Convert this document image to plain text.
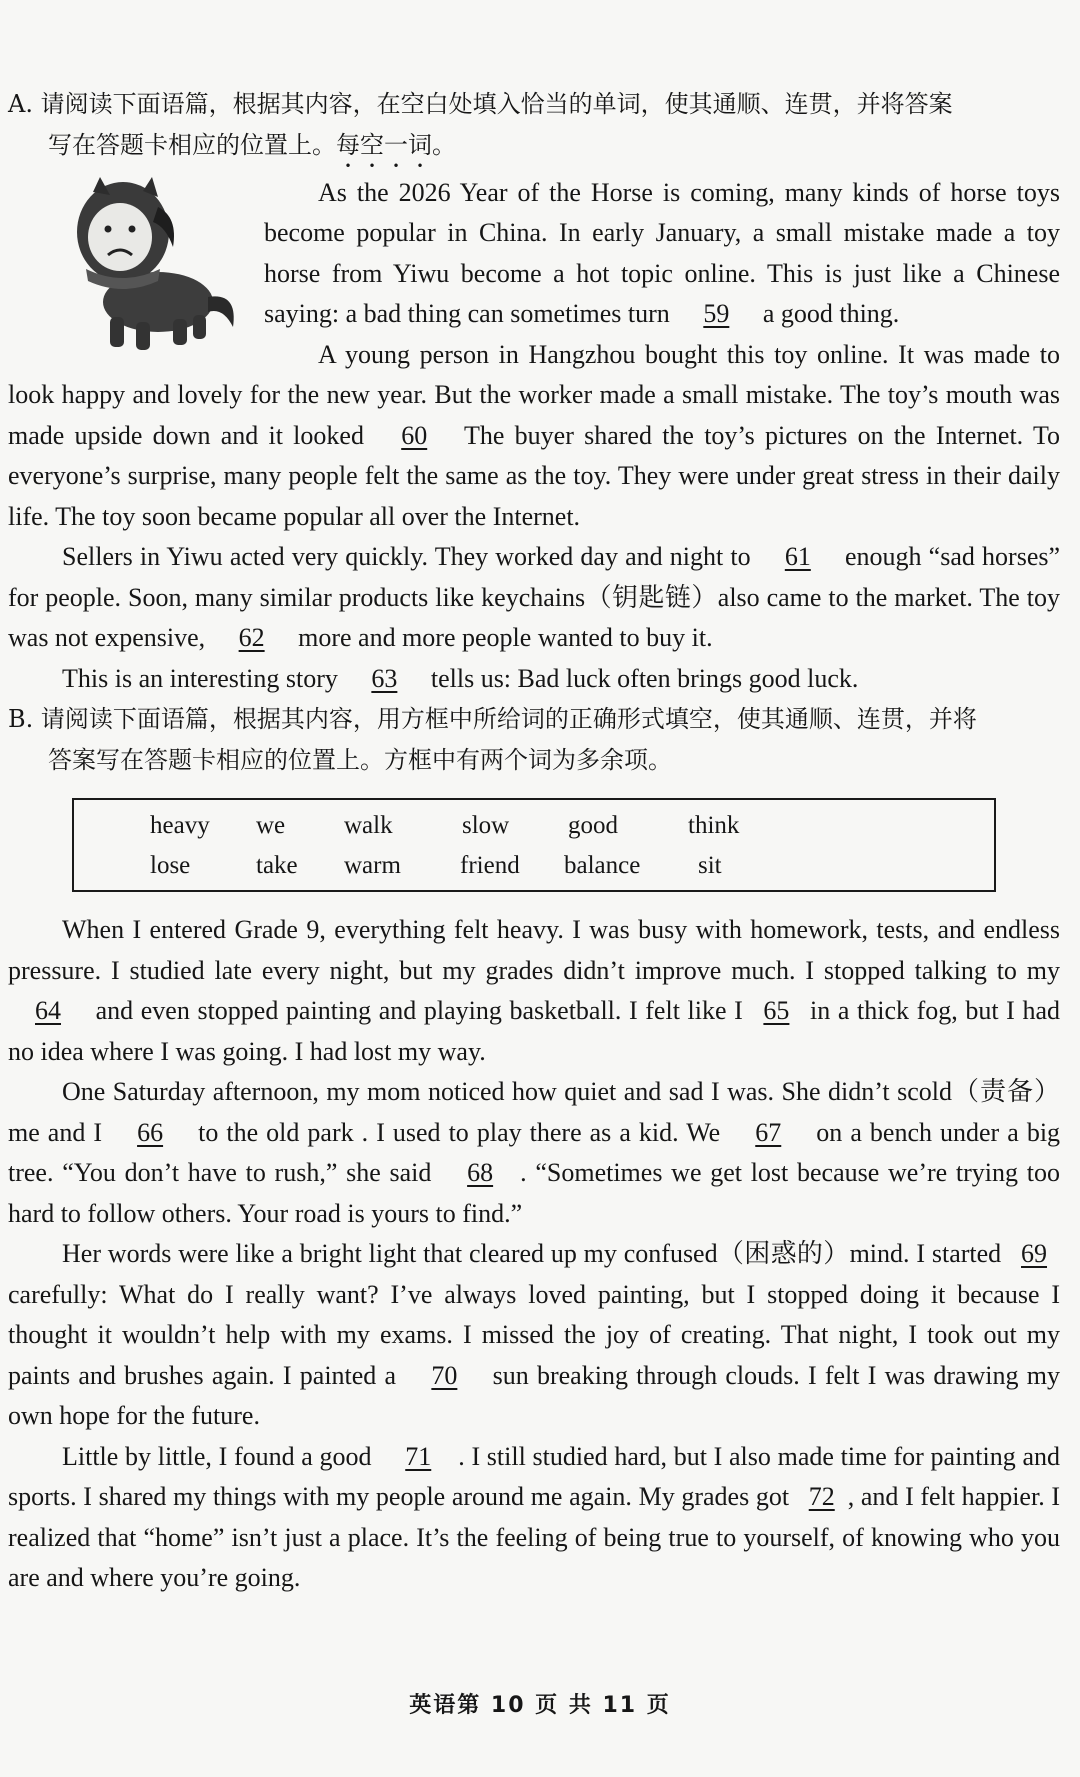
A. 请阅读下面语篇，根据其内容，在空白处填入恰当的单词，使其通顺、连贯，并将答案
写在答题卡相应的位置上。每空一词。

As the 2026 Year of the Horse is coming, many kinds of horse toys become popular in China. In early January, a small mistake made a toy horse from Yiwu become a hot topic online. This is just like a Chinese saying: a bad thing can sometimes turn 59 a good thing.

A young person in Hangzhou bought this toy online. It was made to look happy and lovely for the new year. But the worker made a small mistake. The toy’s mouth was made upside down and it looked 60 The buyer shared the toy’s pictures on the Internet. To everyone’s surprise, many people felt the same as the toy. They were under great stress in their daily life. The toy soon became popular all over the Internet.

Sellers in Yiwu acted very quickly. They worked day and night to 61 enough “sad horses” for people. Soon, many similar products like keychains（钥匙链）also came to the market. The toy was not expensive, 62 more and more people wanted to buy it.

This is an interesting story 63 tells us: Bad luck often brings good luck.

B. 请阅读下面语篇，根据其内容，用方框中所给词的正确形式填空，使其通顺、连贯，并将
答案写在答题卡相应的位置上。方框中有两个词为多余项。

heavy we walk	slow good	think
lose	take warm friend balance sit

When I entered Grade 9, everything felt heavy. I was busy with homework, tests, and endless pressure. I studied late every night, but my grades didn’t improve much. I stopped talking to my 64 and even stopped painting and playing basketball. I felt like I 65 in a thick fog, but I had no idea where I was going. I had lost my way.

One Saturday afternoon, my mom noticed how quiet and sad I was. She didn’t scold（责备）me and I 66 to the old park . I used to play there as a kid. We 67 on a bench under a big tree. “You don’t have to rush,” she said 68 . “Sometimes we get lost because we’re trying too hard to follow others. Your road is yours to find.”

Her words were like a bright light that cleared up my confused（困惑的）mind. I started 69carefully: What do I really want? I’ve always loved painting, but I stopped doing it because I thought it wouldn’t help with my exams. I missed the joy of creating. That night, I took out my paints and brushes again. I painted a 70 sun breaking through clouds. I felt I was drawing my own hope for the future.

Little by little, I found a good 71 . I still studied hard, but I also made time for painting and sports. I shared my things with my people around me again. My grades got 72 , and I felt happier. I realized that “home” isn’t just a place. It’s the feeling of being true to yourself, of knowing who you are and where you’re going.

英语第 10 页 共 11 页
